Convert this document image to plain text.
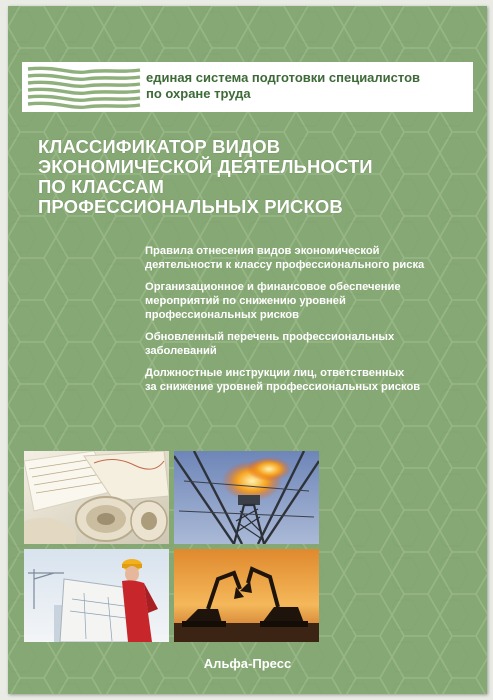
единая система подготовки специалистов
по охране труда
КЛАССИФИКАТОР ВИДОВ
ЭКОНОМИЧЕСКОЙ ДЕЯТЕЛЬНОСТИ
ПО КЛАССАМ
ПРОФЕССИОНАЛЬНЫХ РИСКОВ
Правила отнесения видов экономической
деятельности к классу профессионального риска
Организационное и финансовое обеспечение
мероприятий по снижению уровней
профессиональных рисков
Обновленный перечень профессиональных
заболеваний
Должностные инструкции лиц, ответственных
за снижение уровней профессиональных рисков
Альфа-Пресс
